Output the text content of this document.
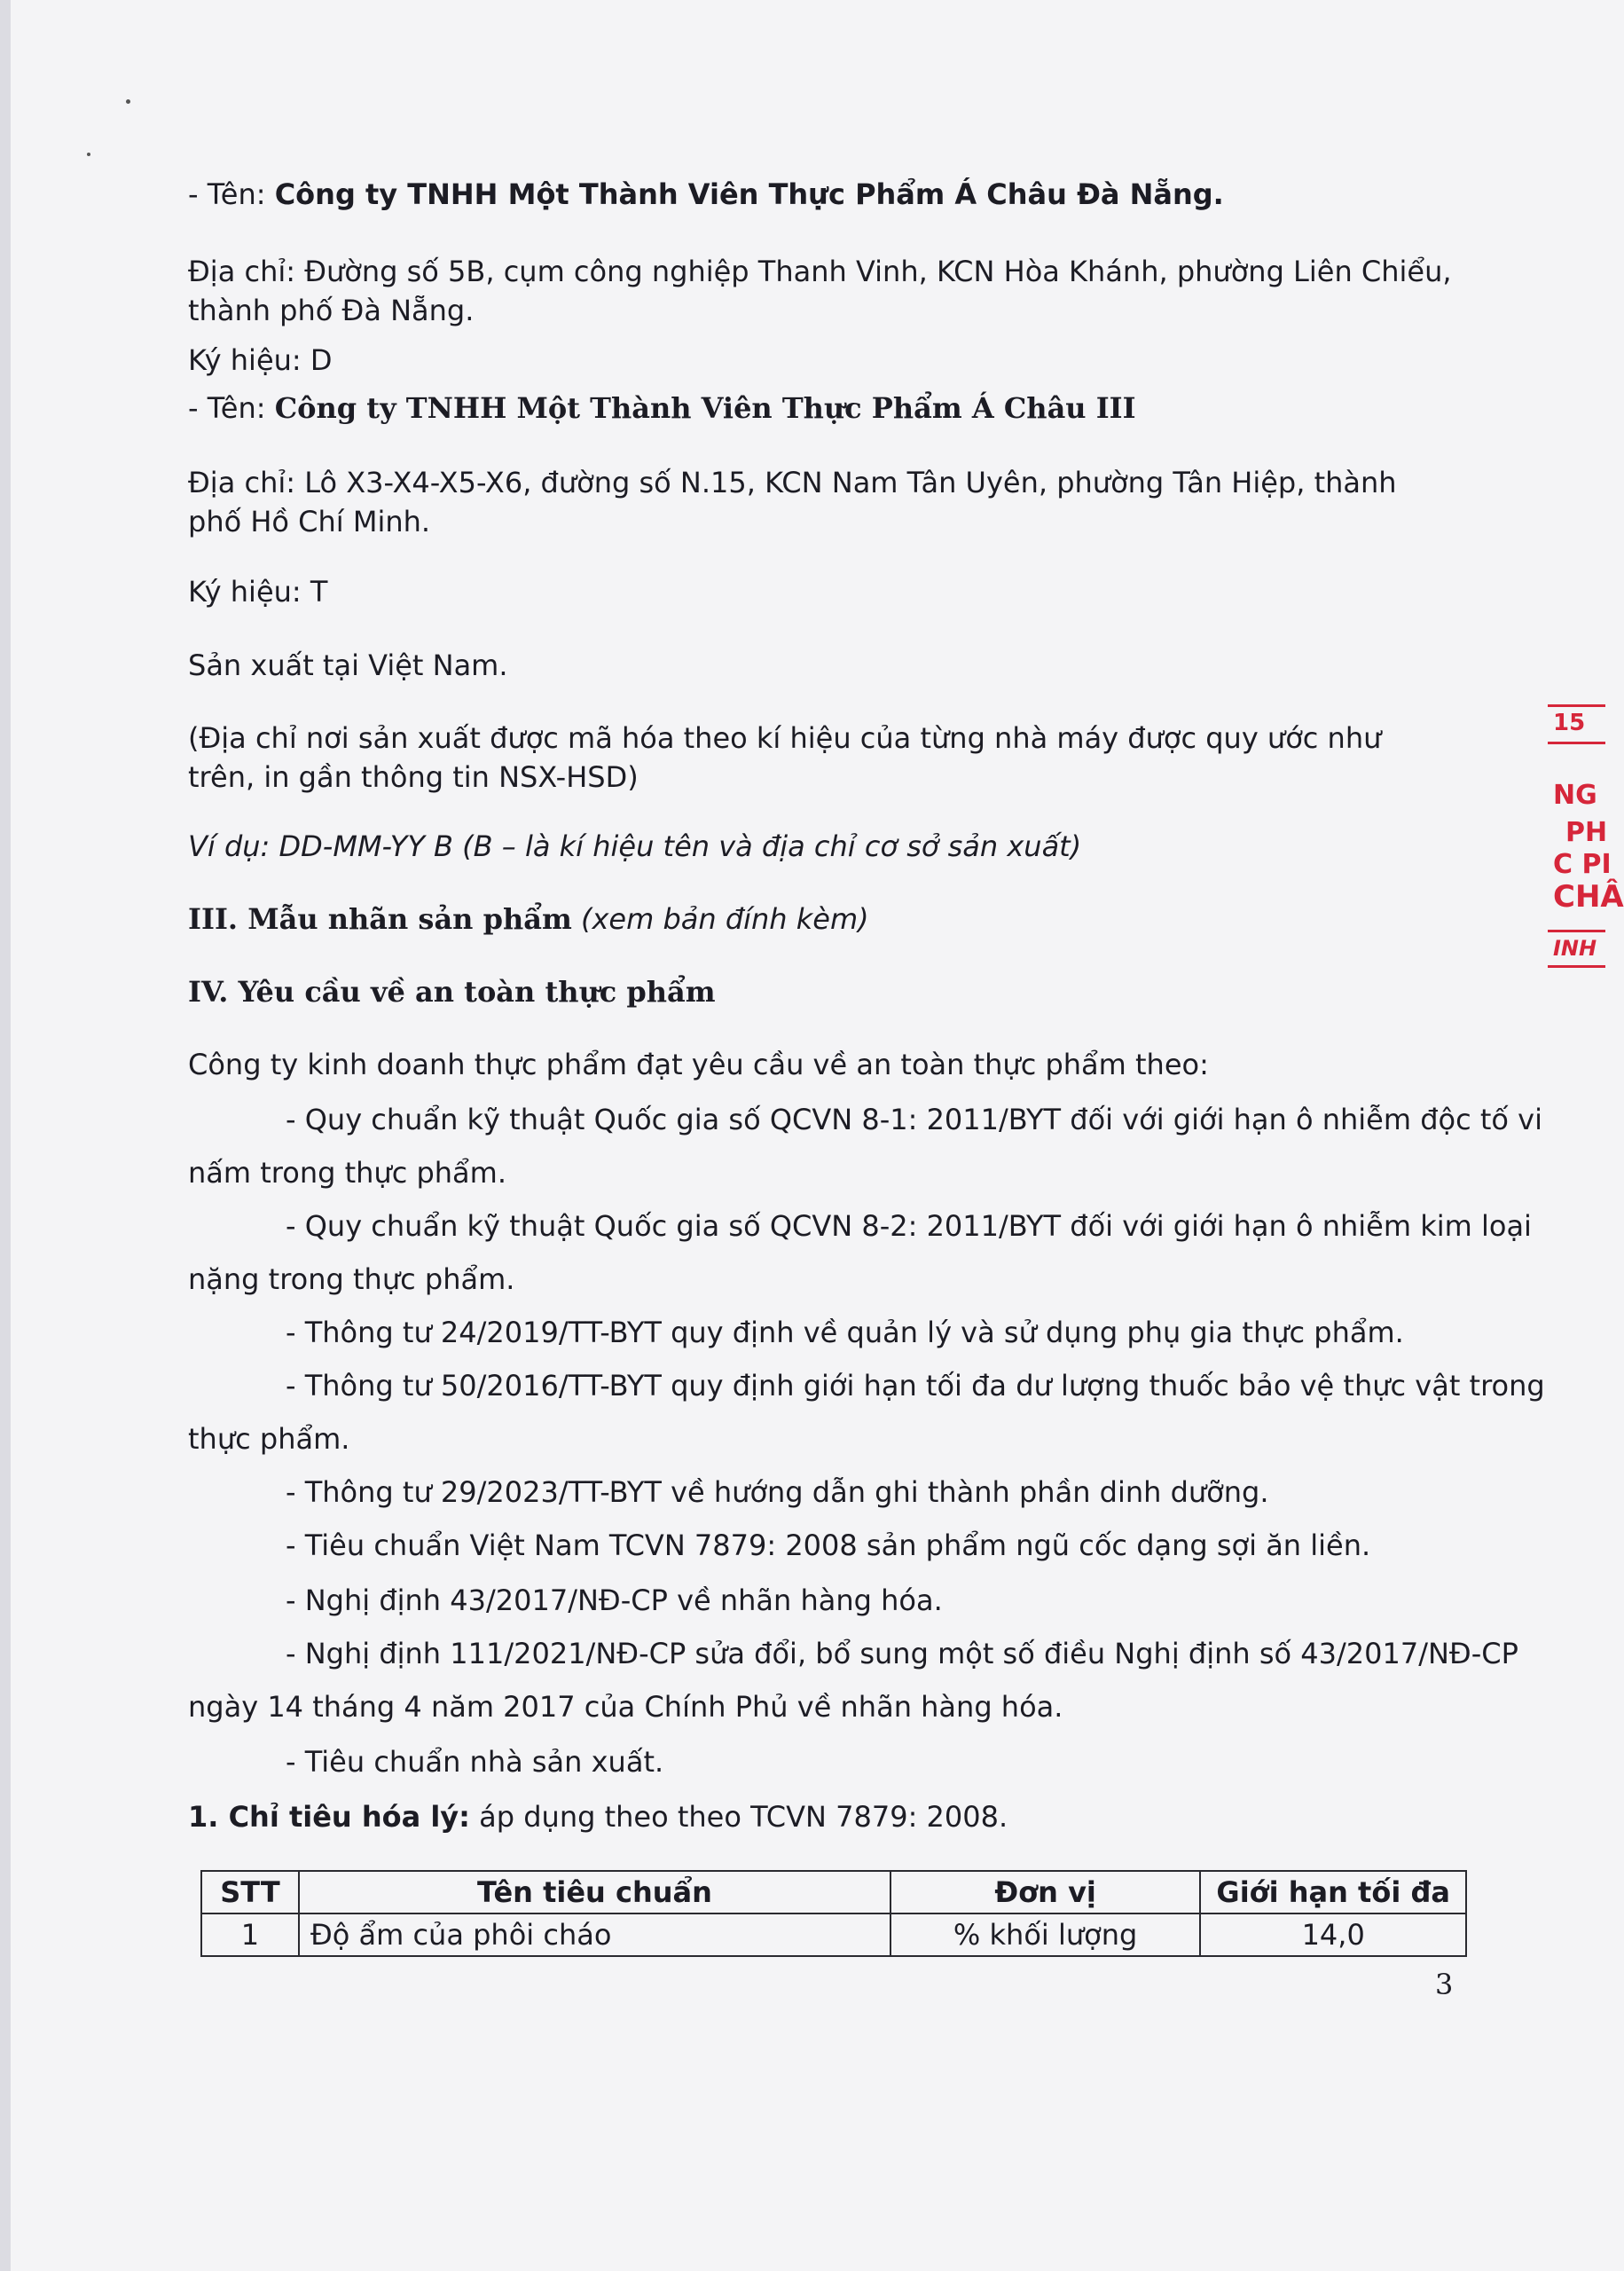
- Tên: Công ty TNHH Một Thành Viên Thực Phẩm Á Châu Đà Nẵng.

Địa chỉ: Đường số 5B, cụm công nghiệp Thanh Vinh, KCN Hòa Khánh, phường Liên Chiểu, thành phố Đà Nẵng.

Ký hiệu: D

- Tên: Công ty TNHH Một Thành Viên Thực Phẩm Á Châu III

Địa chỉ: Lô X3-X4-X5-X6, đường số N.15, KCN Nam Tân Uyên, phường Tân Hiệp, thành phố Hồ Chí Minh.

Ký hiệu: T

Sản xuất tại Việt Nam.

(Địa chỉ nơi sản xuất được mã hóa theo kí hiệu của từng nhà máy được quy ước như trên, in gần thông tin NSX-HSD)

Ví dụ: DD-MM-YY B (B – là kí hiệu tên và địa chỉ cơ sở sản xuất)

III. Mẫu nhãn sản phẩm (xem bản đính kèm)

IV. Yêu cầu về an toàn thực phẩm

Công ty kinh doanh thực phẩm đạt yêu cầu về an toàn thực phẩm theo:

- Quy chuẩn kỹ thuật Quốc gia số QCVN 8-1: 2011/BYT đối với giới hạn ô nhiễm độc tố vi

nấm trong thực phẩm.

- Quy chuẩn kỹ thuật Quốc gia số QCVN 8-2: 2011/BYT đối với giới hạn ô nhiễm kim loại

nặng trong thực phẩm.

- Thông tư 24/2019/TT-BYT quy định về quản lý và sử dụng phụ gia thực phẩm.

- Thông tư 50/2016/TT-BYT quy định giới hạn tối đa dư lượng thuốc bảo vệ thực vật trong

thực phẩm.

- Thông tư 29/2023/TT-BYT về hướng dẫn ghi thành phần dinh dưỡng.

- Tiêu chuẩn Việt Nam TCVN 7879: 2008 sản phẩm ngũ cốc dạng sợi ăn liền.

- Nghị định 43/2017/NĐ-CP về nhãn hàng hóa.

- Nghị định 111/2021/NĐ-CP sửa đổi, bổ sung một số điều Nghị định số 43/2017/NĐ-CP

ngày 14 tháng 4 năm 2017 của Chính Phủ về nhãn hàng hóa.

- Tiêu chuẩn nhà sản xuất.

1. Chỉ tiêu hóa lý: áp dụng theo theo TCVN 7879: 2008.

STT	Tên tiêu chuẩn	Đơn vị	Giới hạn tối đa
1	Độ ẩm của phôi cháo	% khối lượng	14,0
3
15
NG
PH
C PI
CHÂ
INH
